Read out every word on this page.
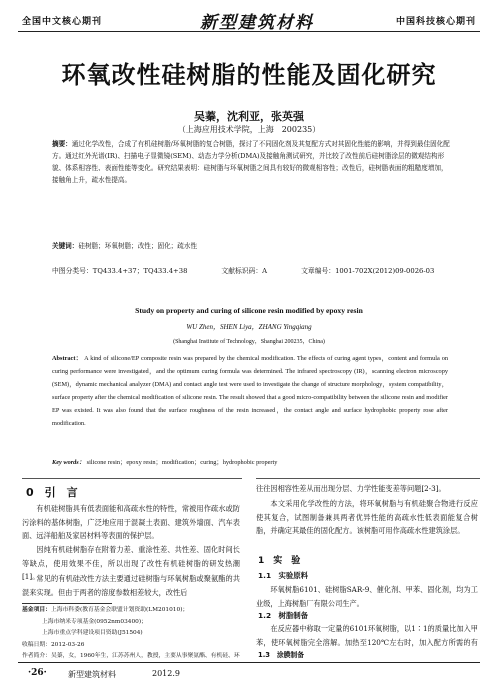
全国中文核心期刊	新型建筑材料	中国科技核心期刊
环氧改性硅树脂的性能及固化研究
吴蓁，沈利亚，张英强
（上海应用技术学院，上海　200235）
摘要：通过化学改性，合成了有机硅树脂/环氧树脂的复合树脂，探讨了不同固化剂及其复配方式对其固化性能的影响，并得到最佳固化配方。通过红外光谱(IR)、扫描电子显微镜(SEM)、动态力学分析(DMA)及接触角测试研究，并比较了改性前后硅树脂涂层的微观结构形貌、体系相容性、表面性能等变化。研究结果表明：硅树脂与环氧树脂之间具有较好的微观相容性；改性后，硅树脂表面的粗糙度增加，接触角上升，疏水性提高。
关键词：硅树脂；环氧树脂；改性；固化；疏水性
中图分类号：TQ433.4+37；TQ433.4+38	文献标识码：A	文章编号：1001-702X(2012)09-0026-03
Study on property and curing of silicone resin modified by epoxy resin
WU Zhen，SHEN Liya，ZHANG Yingqiang
(Shanghai Institute of Technology，Shanghai 200235，China)
Abstract： A kind of silicone/EP composite resin was prepared by the chemical modification. The effects of curing agent types，content and formula on curing performance were investigated，and the optimum curing formula was determined. The infrared spectroscopy (IR)，scanning electron microscopy (SEM)，dynamic mechanical analyzer (DMA) and contact angle test were used to investigate the change of structure morphology，system compatibility，surface property after the chemical modification of silicone resin. The result showed that a good micro-compatibility between the silicone resin and modifier EP was existed. It was also found that the surface roughness of the resin increased，the contact angle and surface hydrophobic property rose after modification.
Key words： silicone resin；epoxy resin；modification；curing；hydrophobic property
0　引　言
有机硅树脂具有低表面能和高疏水性的特性，常被用作疏水或防污涂料的基体树脂，广泛地应用于混凝土表面、建筑外墙面、汽车表面、远洋船舶及家居材料等表面的保护层。
因纯有机硅树脂存在附着力差、重涂性差、共性差、固化时间长等缺点，使用效果不佳，所以出现了改性有机硅树脂的研发热潮[1]。
常见的有机硅改性方法主要通过硅树脂与环氧树脂或聚氨酯的共混来实现。但由于两者的溶度参数相差较大，改性后
基金项目：上海市科委(教育基金会联盟计划资助(LM201010)；
上海市纳米专项基金(0952nm03400)；
上海市重点学科建设项目资助(J51504)
收稿日期：2012-03-26
作者简介：吴蓁，女，1960年生，江苏苏州人，教授，主要从事聚氨酯、有机硅、环
往往因相容性差从而出现分层、力学性能变差等问题[2-3]。
本文采用化学改性的方法，将环氧树脂与有机硅聚合物进行反应使其复合，试图制备兼具两者优异性能的高疏水性低表面能复合树脂，并确定其最佳的固化配方。该树脂可用作高疏水性建筑涂层。
1　实　验
1.1　实验原料
环氧树脂6101、硅树脂SAR-9、催化剂、甲苯、固化剂，均为工业级，上海树脂厂有限公司生产。
1.2　树脂制备
在反应器中称取一定量的6101环氧树脂，以1∶1的质量比加入甲苯，使环氧树脂完全溶解。加热至120℃左右时，加入配方所需的有
1.3　涂膜制备
·26·	新型建筑材料	2012.9
